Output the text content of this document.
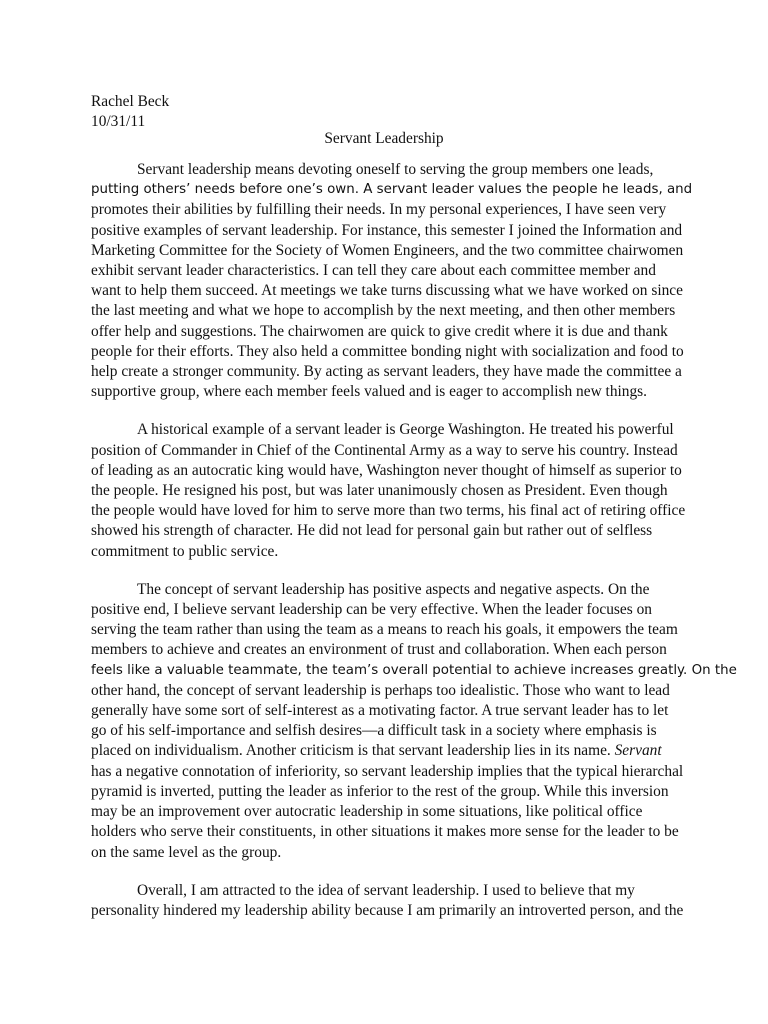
Rachel Beck
10/31/11
Servant Leadership
Servant leadership means devoting oneself to serving the group members one leads,
putting others’ needs before one’s own. A servant leader values the people he leads, and
promotes their abilities by fulfilling their needs. In my personal experiences, I have seen very
positive examples of servant leadership. For instance, this semester I joined the Information and
Marketing Committee for the Society of Women Engineers, and the two committee chairwomen
exhibit servant leader characteristics. I can tell they care about each committee member and
want to help them succeed. At meetings we take turns discussing what we have worked on since
the last meeting and what we hope to accomplish by the next meeting, and then other members
offer help and suggestions. The chairwomen are quick to give credit where it is due and thank
people for their efforts. They also held a committee bonding night with socialization and food to
help create a stronger community. By acting as servant leaders, they have made the committee a
supportive group, where each member feels valued and is eager to accomplish new things.
A historical example of a servant leader is George Washington. He treated his powerful
position of Commander in Chief of the Continental Army as a way to serve his country. Instead
of leading as an autocratic king would have, Washington never thought of himself as superior to
the people. He resigned his post, but was later unanimously chosen as President. Even though
the people would have loved for him to serve more than two terms, his final act of retiring office
showed his strength of character. He did not lead for personal gain but rather out of selfless
commitment to public service.
The concept of servant leadership has positive aspects and negative aspects. On the
positive end, I believe servant leadership can be very effective. When the leader focuses on
serving the team rather than using the team as a means to reach his goals, it empowers the team
members to achieve and creates an environment of trust and collaboration. When each person
feels like a valuable teammate, the team’s overall potential to achieve increases greatly. On the
other hand, the concept of servant leadership is perhaps too idealistic. Those who want to lead
generally have some sort of self-interest as a motivating factor. A true servant leader has to let
go of his self-importance and selfish desires—a difficult task in a society where emphasis is
placed on individualism. Another criticism is that servant leadership lies in its name. Servant
has a negative connotation of inferiority, so servant leadership implies that the typical hierarchal
pyramid is inverted, putting the leader as inferior to the rest of the group. While this inversion
may be an improvement over autocratic leadership in some situations, like political office
holders who serve their constituents, in other situations it makes more sense for the leader to be
on the same level as the group.
Overall, I am attracted to the idea of servant leadership. I used to believe that my
personality hindered my leadership ability because I am primarily an introverted person, and the
